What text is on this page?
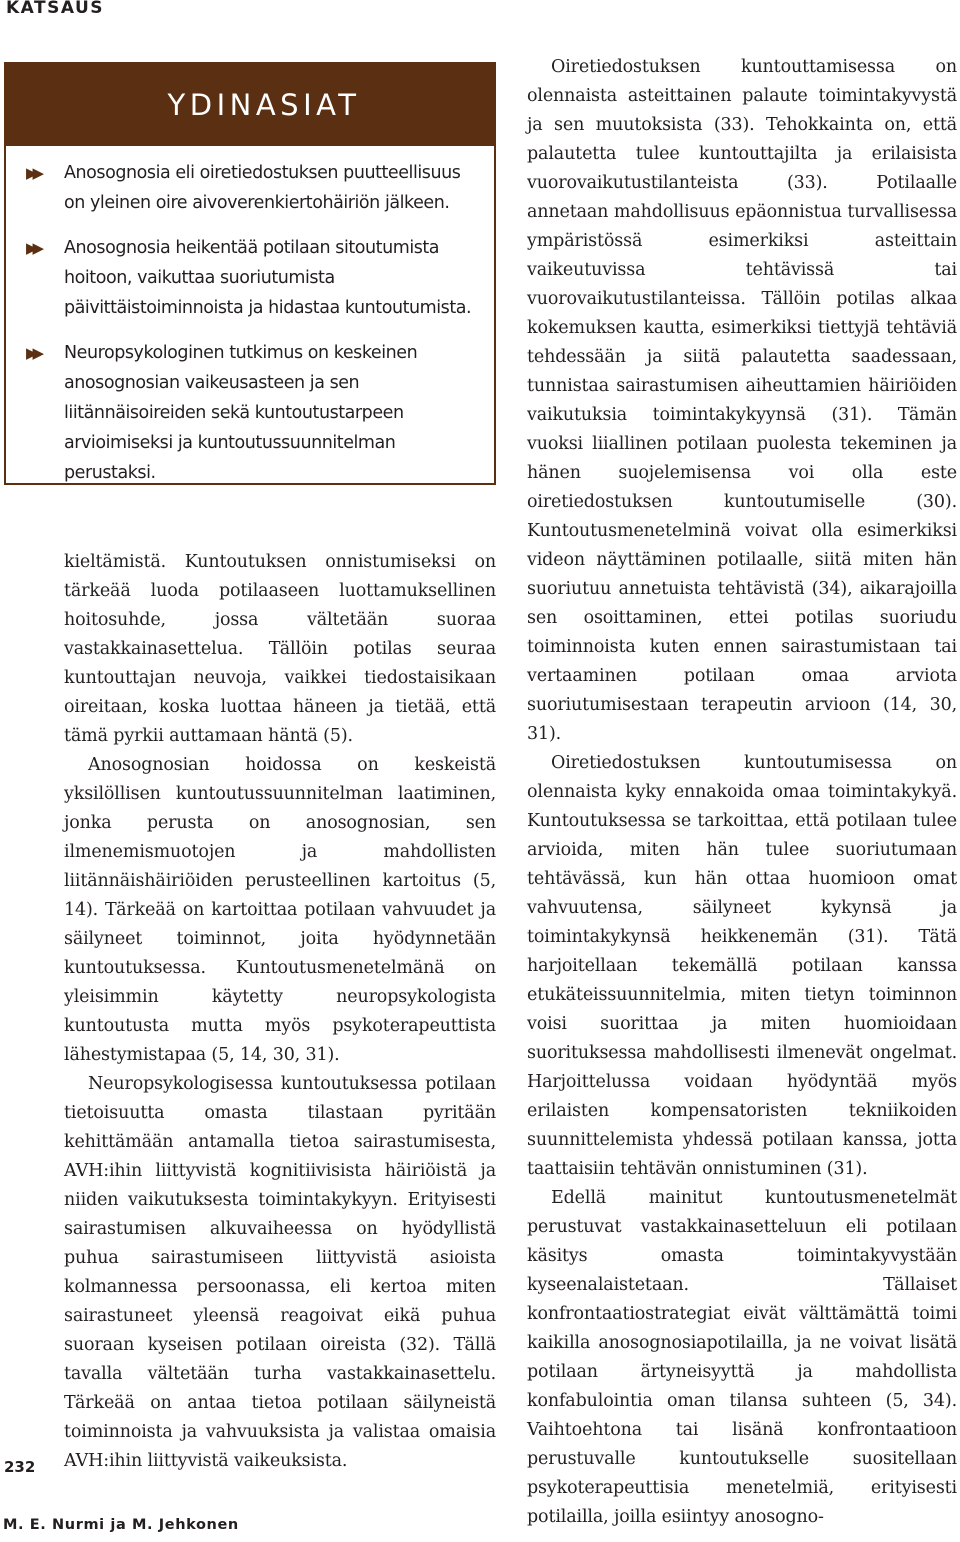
KATSAUS
YDINASIAT
▶▶	Anosognosia eli oiretiedostuksen puutteellisuus on yleinen oire aivoverenkiertohäiriön jälkeen.
▶▶	Anosognosia heikentää potilaan sitoutumista hoitoon, vaikuttaa suoriutumista päivittäistoiminnoista ja hidastaa kuntoutumista.
▶▶	Neuropsykologinen tutkimus on keskeinen anosognosian vaikeusasteen ja sen liitännäisoireiden sekä kuntoutustarpeen arvioimiseksi ja kuntoutussuunnitelman perustaksi.

kieltämistä. Kuntoutuksen onnistumiseksi on tärkeää luoda potilaaseen luottamuksellinen hoitosuhde, jossa vältetään suoraa vastakkainasettelua. Tällöin potilas seuraa kuntouttajan neuvoja, vaikkei tiedostaisikaan oireitaan, koska luottaa häneen ja tietää, että tämä pyrkii auttamaan häntä (5).

Anosognosian hoidossa on keskeistä yksilöllisen kuntoutussuunnitelman laatiminen, jonka perusta on anosognosian, sen ilmenemismuotojen ja mahdollisten liitännäishäiriöiden perusteellinen kartoitus (5, 14). Tärkeää on kartoittaa potilaan vahvuudet ja säilyneet toiminnot, joita hyödynnetään kuntoutuksessa. Kuntoutusmenetelmänä on yleisimmin käytetty neuropsykologista kuntoutusta mutta myös psykoterapeuttista lähestymistapaa (5, 14, 30, 31).

Neuropsykologisessa kuntoutuksessa potilaan tietoisuutta omasta tilastaan pyritään kehittämään antamalla tietoa sairastumisesta, AVH:ihin liittyvistä kognitiivisista häiriöistä ja niiden vaikutuksesta toimintakykyyn. Erityisesti sairastumisen alkuvaiheessa on hyödyllistä puhua sairastumiseen liittyvistä asioista kolmannessa persoonassa, eli kertoa miten sairastuneet yleensä reagoivat eikä puhua suoraan kyseisen potilaan oireista (32). Tällä tavalla vältetään turha vastakkainasettelu. Tärkeää on antaa tietoa potilaan säilyneistä toiminnoista ja vahvuuksista ja valistaa omaisia AVH:ihin liittyvistä vaikeuksista.

Oiretiedostuksen kuntouttamisessa on olennaista asteittainen palaute toimintakyvystä ja sen muutoksista (33). Tehokkainta on, että palautetta tulee kuntouttajilta ja erilaisista vuorovaikutustilanteista (33). Potilaalle annetaan mahdollisuus epäonnistua turvallisessa ympäristössä esimerkiksi asteittain vaikeutuvissa tehtävissä tai vuorovaikutustilanteissa. Tällöin potilas alkaa kokemuksen kautta, esimerkiksi tiettyjä tehtäviä tehdessään ja siitä palautetta saadessaan, tunnistaa sairastumisen aiheuttamien häiriöiden vaikutuksia toimintakykyynsä (31). Tämän vuoksi liiallinen potilaan puolesta tekeminen ja hänen suojelemisensa voi olla este oiretiedostuksen kuntoutumiselle (30). Kuntoutusmenetelminä voivat olla esimerkiksi videon näyttäminen potilaalle, siitä miten hän suoriutuu annetuista tehtävistä (34), aikarajoilla sen osoittaminen, ettei potilas suoriudu toiminnoista kuten ennen sairastumistaan tai vertaaminen potilaan omaa arviota suoriutumisestaan terapeutin arvioon (14, 30, 31).

Oiretiedostuksen kuntoutumisessa on olennaista kyky ennakoida omaa toimintakykyä. Kuntoutuksessa se tarkoittaa, että potilaan tulee arvioida, miten hän tulee suoriutumaan tehtävässä, kun hän ottaa huomioon omat vahvuutensa, säilyneet kykynsä ja toimintakykynsä heikkenemän (31). Tätä harjoitellaan tekemällä potilaan kanssa etukäteissuunnitelmia, miten tietyn toiminnon voisi suorittaa ja miten huomioidaan suorituksessa mahdollisesti ilmenevät ongelmat. Harjoittelussa voidaan hyödyntää myös erilaisten kompensatoristen tekniikoiden suunnittelemista yhdessä potilaan kanssa, jotta taattaisiin tehtävän onnistuminen (31).

Edellä mainitut kuntoutusmenetelmät perustuvat vastakkainasetteluun eli potilaan käsitys omasta toimintakyvystään kyseenalaistetaan. Tällaiset konfrontaatiostrategiat eivät välttämättä toimi kaikilla anosognosiapotilailla, ja ne voivat lisätä potilaan ärtyneisyyttä ja mahdollista konfabulointia oman tilansa suhteen (5, 34). Vaihtoehtona tai lisänä konfrontaatioon perustuvalle kuntoutukselle suositellaan psykoterapeuttisia menetelmiä, erityisesti potilailla, joilla esiintyy anosogno-

232

M. E. Nurmi ja M. Jehkonen
